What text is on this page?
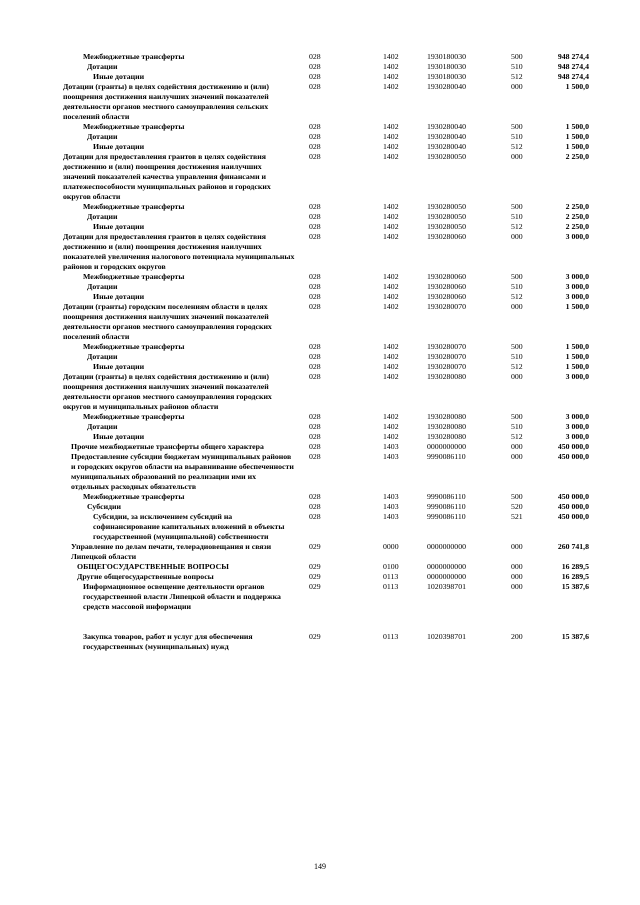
Межбюджетные трансферты	028	1402	1930180030	500	948 274,4
Дотации	028	1402	1930180030	510	948 274,4
Иные дотации	028	1402	1930180030	512	948 274,4
Дотации (гранты) в целях содействия достижению и (или) поощрения достижения наилучших значений показателей деятельности органов местного самоуправления сельских поселений области	028	1402	1930280040	000	1 500,0
Межбюджетные трансферты	028	1402	1930280040	500	1 500,0
Дотации	028	1402	1930280040	510	1 500,0
Иные дотации	028	1402	1930280040	512	1 500,0
Дотации для предоставления грантов в целях содействия достижению и (или) поощрения достижения наилучших значений показателей качества управления финансами и платежеспособности муниципальных районов и городских округов области	028	1402	1930280050	000	2 250,0
Межбюджетные трансферты	028	1402	1930280050	500	2 250,0
Дотации	028	1402	1930280050	510	2 250,0
Иные дотации	028	1402	1930280050	512	2 250,0
Дотации для предоставления грантов в целях содействия достижению и (или) поощрения достижения наилучших показателей увеличения налогового потенциала муниципальных районов и городских округов	028	1402	1930280060	000	3 000,0
Межбюджетные трансферты	028	1402	1930280060	500	3 000,0
Дотации	028	1402	1930280060	510	3 000,0
Иные дотации	028	1402	1930280060	512	3 000,0
Дотации (гранты) городским поселениям области в целях поощрения достижения наилучших значений показателей деятельности органов местного самоуправления городских поселений области	028	1402	1930280070	000	1 500,0
Межбюджетные трансферты	028	1402	1930280070	500	1 500,0
Дотации	028	1402	1930280070	510	1 500,0
Иные дотации	028	1402	1930280070	512	1 500,0
Дотации (гранты) в целях содействия достижению и (или) поощрения достижения наилучших значений показателей деятельности органов местного самоуправления городских округов и муниципальных районов области	028	1402	1930280080	000	3 000,0
Межбюджетные трансферты	028	1402	1930280080	500	3 000,0
Дотации	028	1402	1930280080	510	3 000,0
Иные дотации	028	1402	1930280080	512	3 000,0
Прочие межбюджетные трансферты общего характера	028	1403	0000000000	000	450 000,0
Предоставление субсидии бюджетам муниципальных районов и городских округов области на выравнивание обеспеченности муниципальных образований по реализации ими их отдельных расходных обязательств	028	1403	9990086110	000	450 000,0
Межбюджетные трансферты	028	1403	9990086110	500	450 000,0
Субсидии	028	1403	9990086110	520	450 000,0
Субсидии, за исключением субсидий на софинансирование капитальных вложений в объекты государственной (муниципальной) собственности	028	1403	9990086110	521	450 000,0
Управление по делам печати, телерадиовещания и связи Липецкой области	029	0000	0000000000	000	260 741,8
ОБЩЕГОСУДАРСТВЕННЫЕ ВОПРОСЫ	029	0100	0000000000	000	16 289,5
Другие общегосударственные вопросы	029	0113	0000000000	000	16 289,5
Информационное освещение деятельности органов государственной власти Липецкой области и поддержка средств массовой информации	029	0113	1020398701	000	15 387,6
Закупка товаров, работ и услуг для обеспечения государственных (муниципальных) нужд	029	0113	1020398701	200	15 387,6
149
